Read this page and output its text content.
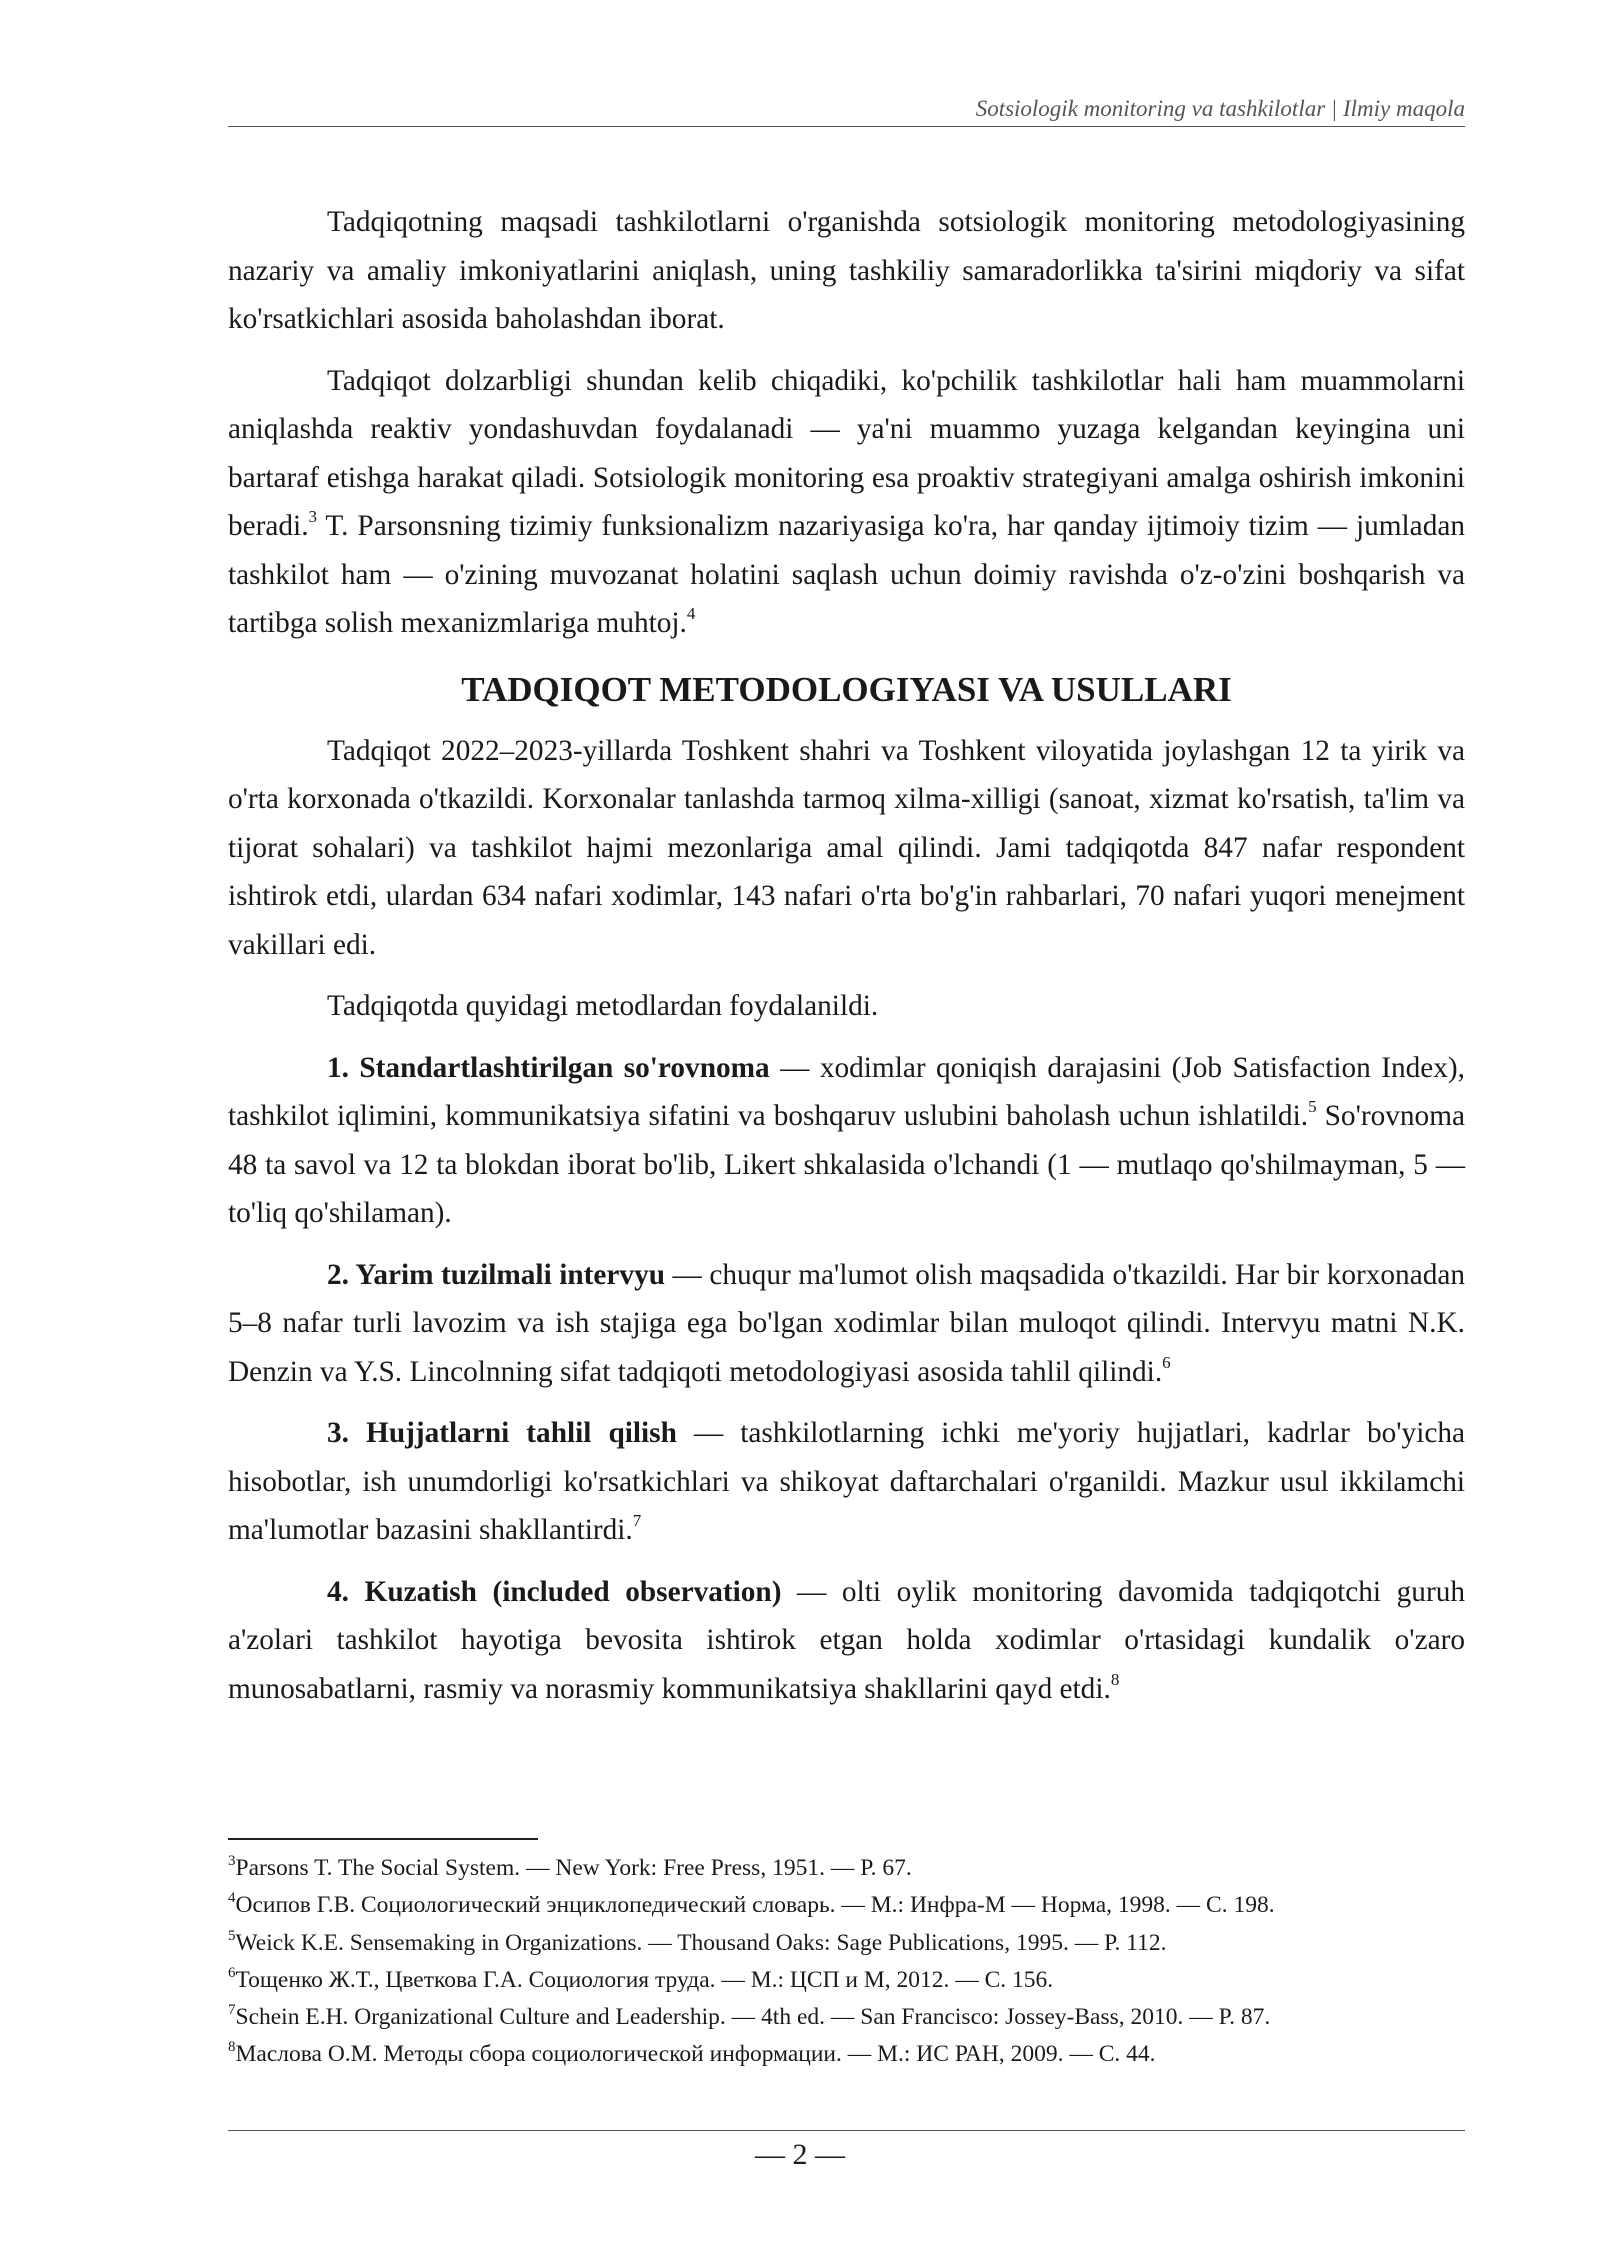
Sotsiologik monitoring va tashkilotlar | Ilmiy maqola

Tadqiqotning maqsadi tashkilotlarni o'rganishda sotsiologik monitoring metodologiyasining nazariy va amaliy imkoniyatlarini aniqlash, uning tashkiliy samaradorlikka ta'sirini miqdoriy va sifat ko'rsatkichlari asosida baholashdan iborat.

Tadqiqot dolzarbligi shundan kelib chiqadiki, ko'pchilik tashkilotlar hali ham muammolarni aniqlashda reaktiv yondashuvdan foydalanadi — ya'ni muammo yuzaga kelgandan keyingina uni bartaraf etishga harakat qiladi. Sotsiologik monitoring esa proaktiv strategiyani amalga oshirish imkonini beradi.$^3$ T. Parsonsning tizimiy funksionalizm nazariyasiga ko'ra, har qanday ijtimoiy tizim — jumladan tashkilot ham — o'zining muvozanat holatini saqlash uchun doimiy ravishda o'z-o'zini boshqarish va tartibga solish mexanizmlariga muhtoj.$^4$

TADQIQOT METODOLOGIYASI VA USULLARI

Tadqiqot 2022–2023-yillarda Toshkent shahri va Toshkent viloyatida joylashgan 12 ta yirik va o'rta korxonada o'tkazildi. Korxonalar tanlashda tarmoq xilma-xilligi (sanoat, xizmat ko'rsatish, ta'lim va tijorat sohalari) va tashkilot hajmi mezonlariga amal qilindi. Jami tadqiqotda 847 nafar respondent ishtirok etdi, ulardan 634 nafari xodimlar, 143 nafari o'rta bo'g'in rahbarlari, 70 nafari yuqori menejment vakillari edi.

Tadqiqotda quyidagi metodlardan foydalanildi.

1. Standartlashtirilgan so'rovnoma — xodimlar qoniqish darajasini (Job Satisfaction Index), tashkilot iqlimini, kommunikatsiya sifatini va boshqaruv uslubini baholash uchun ishlatildi.$^5$ So'rovnoma 48 ta savol va 12 ta blokdan iborat bo'lib, Likert shkalasida o'lchandi (1 — mutlaqo qo'shilmayman, 5 — to'liq qo'shilaman).

2. Yarim tuzilmali intervyu — chuqur ma'lumot olish maqsadida o'tkazildi. Har bir korxonadan 5–8 nafar turli lavozim va ish stajiga ega bo'lgan xodimlar bilan muloqot qilindi. Intervyu matni N.K. Denzin va Y.S. Lincolnning sifat tadqiqoti metodologiyasi asosida tahlil qilindi.$^6$

3. Hujjatlarni tahlil qilish — tashkilotlarning ichki me'yoriy hujjatlari, kadrlar bo'yicha hisobotlar, ish unumdorligi ko'rsatkichlari va shikoyat daftarchalari o'rganildi. Mazkur usul ikkilamchi ma'lumotlar bazasini shakllantirdi.$^7$

4. Kuzatish (included observation) — olti oylik monitoring davomida tadqiqotchi guruh a'zolari tashkilot hayotiga bevosita ishtirok etgan holda xodimlar o'rtasidagi kundalik o'zaro munosabatlarni, rasmiy va norasmiy kommunikatsiya shakllarini qayd etdi.$^8$

$^3$Parsons T. The Social System. — New York: Free Press, 1951. — P. 67.
$^4$Осипов Г.В. Социологический энциклопедический словарь. — М.: Инфра-М — Норма, 1998. — С. 198.
$^5$Weick K.E. Sensemaking in Organizations. — Thousand Oaks: Sage Publications, 1995. — P. 112.
$^6$Тощенко Ж.Т., Цветкова Г.А. Социология труда. — М.: ЦСП и М, 2012. — С. 156.
$^7$Schein E.H. Organizational Culture and Leadership. — 4th ed. — San Francisco: Jossey-Bass, 2010. — P. 87.
$^8$Маслова О.М. Методы сбора социологической информации. — М.: ИС РАН, 2009. — С. 44.
— 2 —
